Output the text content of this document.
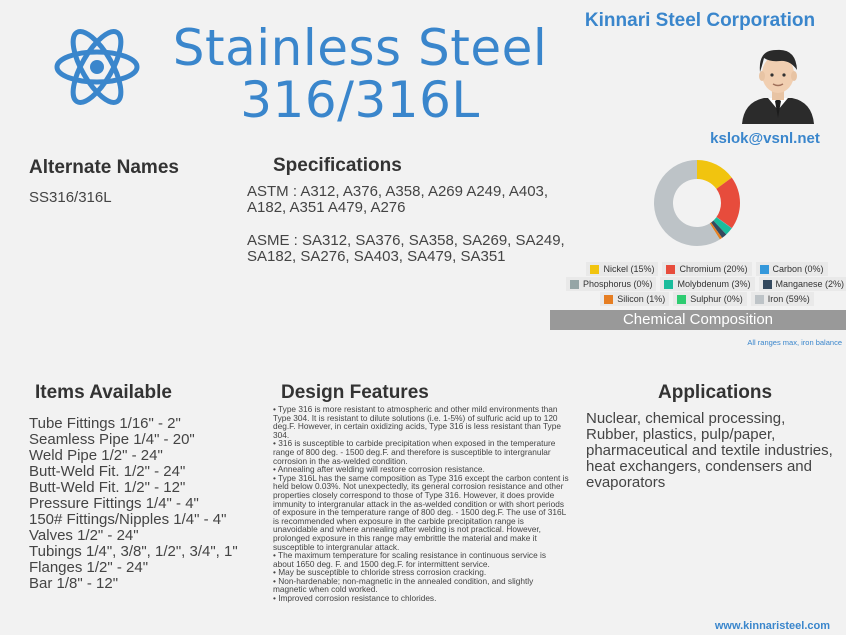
Stainless Steel
316/316L
Kinnari Steel Corporation
kslok@vsnl.net
Alternate Names
SS316/316L
Specifications
ASTM : A312, A376, A358, A269 A249, A403, A182, A351 A479, A276
ASME : SA312, SA376, SA358, SA269, SA249, SA182, SA276, SA403, SA479, SA351
Nickel (15%)	Chromium (20%)	Carbon (0%)
Phosphorus (0%)	Molybdenum (3%)	Manganese (2%)
Silicon (1%)	Sulphur (0%)	Iron (59%)
Chemical Composition
All ranges max, iron balance
Items Available
Tube Fittings 1/16" - 2"
Seamless Pipe 1/4" - 20"
Weld Pipe 1/2" - 24"
Butt-Weld Fit. 1/2" - 24"
Butt-Weld Fit. 1/2" - 12"
Pressure Fittings 1/4" - 4"
150# Fittings/Nipples 1/4" - 4"
Valves 1/2" - 24"
Tubings 1/4", 3/8", 1/2", 3/4", 1"
Flanges 1/2" - 24"
Bar 1/8" - 12"
Design Features
• Type 316 is more resistant to atmospheric and other mild environments than Type 304. It is resistant to dilute solutions (i.e. 1-5%) of sulfuric acid up to 120 deg.F. However, in certain oxidizing acids, Type 316 is less resistant than Type 304.
• 316 is susceptible to carbide precipitation when exposed in the temperature range of 800 deg. - 1500 deg.F. and therefore is susceptible to intergranular corrosion in the as-welded condition.
• Annealing after welding will restore corrosion resistance.
• Type 316L has the same composition as Type 316 except the carbon content is held below 0.03%. Not unexpectedly, its general corrosion resistance and other properties closely correspond to those of Type 316. However, it does provide immunity to intergranular attack in the as-welded condition or with short periods of exposure in the temperature range of 800 deg. - 1500 deg.F. The use of 316L is recommended when exposure in the carbide precipitation range is unavoidable and where annealing after welding is not practical. However, prolonged exposure in this range may embrittle the material and make it susceptible to intergranular attack.
• The maximum temperature for scaling resistance in continuous service is about 1650 deg. F. and 1500 deg.F. for intermittent service.
• May be susceptible to chloride stress corrosion cracking.
• Non-hardenable; non-magnetic in the annealed condition, and slightly magnetic when cold worked.
• Improved corrosion resistance to chlorides.
Applications
Nuclear, chemical processing, Rubber, plastics, pulp/paper, pharmaceutical and textile industries, heat exchangers, condensers and evaporators
www.kinnaristeel.com
